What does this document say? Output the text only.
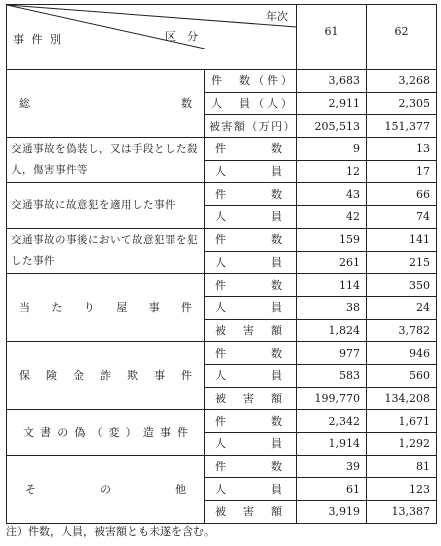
年次
区　分
事 件 別		61	62
総　　　数	件　数（件）	3,683	3,268
	人　員（人）	2,911	2,305
	被害額（万円）	205,513	151,377
交通事故を偽装し，又は手段とした殺人，傷害事件等	件　数	9	13
	人　員	12	17
交通事故に故意犯を適用した事件	件　数	43	66
	人　員	42	74
交通事故の事後において故意犯罪を犯した事件	件　数	159	141
	人　員	261	215
当たり屋事件	件　数	114	350
	人　員	38	24
	被害額	1,824	3,782
保険金詐欺事件	件　数	977	946
	人　員	583	560
	被害額	199,770	134,208
文書の偽（変）造事件	件　数	2,342	1,671
	人　員	1,914	1,292
そ　の　他	件　数	39	81
	人　員	61	123
	被害額	3,919	13,387
注）件数，人員，被害額とも未遂を含む。
